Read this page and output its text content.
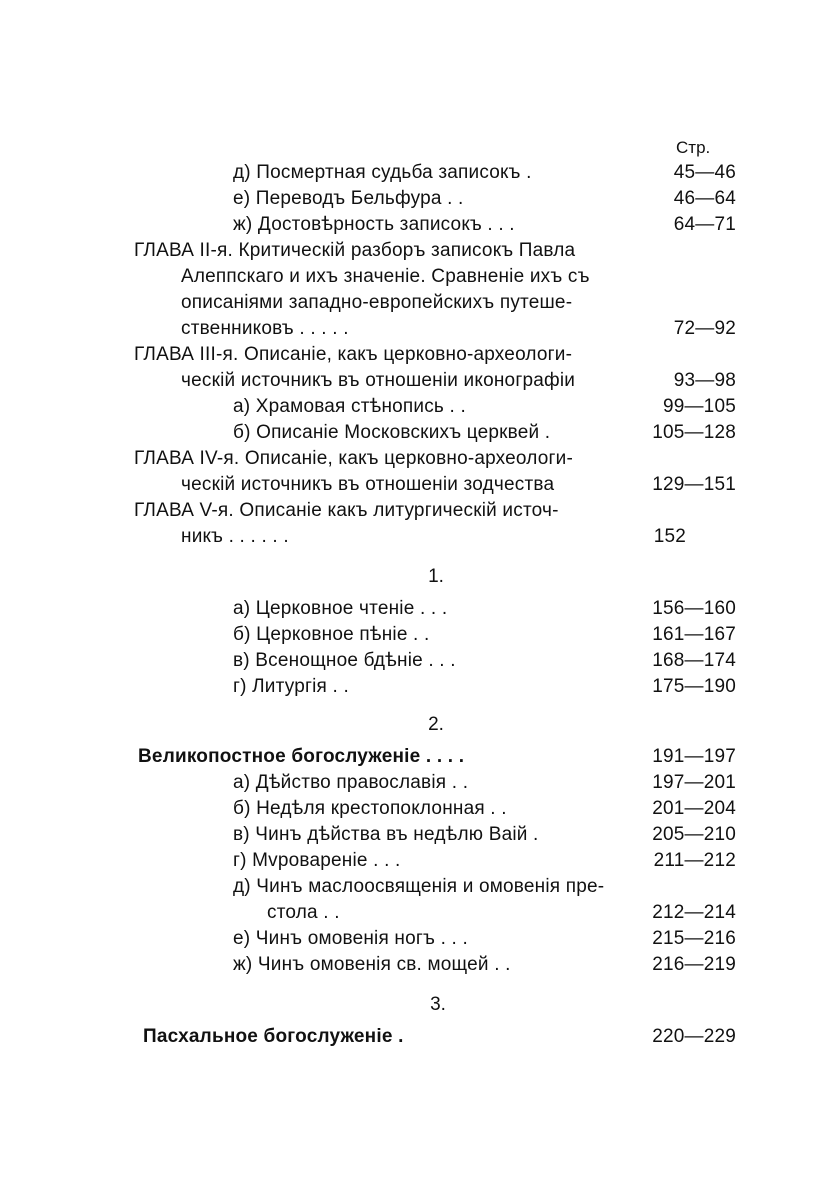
Стр.
д) Посмертная судьба записокъ .	45—46
е) Переводъ Бельфура . .	46—64
ж) Достовѣрность записокъ . . .	64—71
ГЛАВА II-я. Критическій разборъ записокъ Павла
Алеппскаго и ихъ значеніе. Сравненіе ихъ съ
описаніями западно-европейскихъ путеше-
ственниковъ . . . . .	72—92
ГЛАВА III-я. Описаніе, какъ церковно-археологи-
ческій источникъ въ отношеніи иконографіи	93—98
а) Храмовая стѣнопись . .	99—105
б) Описаніе Московскихъ церквей .	105—128
ГЛАВА IV-я. Описаніе, какъ церковно-археологи-
ческій источникъ въ отношеніи зодчества	129—151
ГЛАВА V-я. Описаніе какъ литургическій источ-
никъ . . . . . .	152
1.
а) Церковное чтеніе . . .	156—160
б) Церковное пѣніе . .	161—167
в) Всенощное бдѣніе . . .	168—174
г) Литургія . .	175—190
2.
Великопостное богослуженіе . . . .	191—197
а) Дѣйство православія . .	197—201
б) Недѣля крестопоклонная . .	201—204
в) Чинъ дѣйства въ недѣлю Ваій .	205—210
г) Мvровареніе . . .	211—212
д) Чинъ маслоосвященія и омовенія пре-
стола . .	212—214
е) Чинъ омовенія ногъ . . .	215—216
ж) Чинъ омовенія св. мощей . .	216—219
3.
Пасхальное богослуженіе .	220—229
